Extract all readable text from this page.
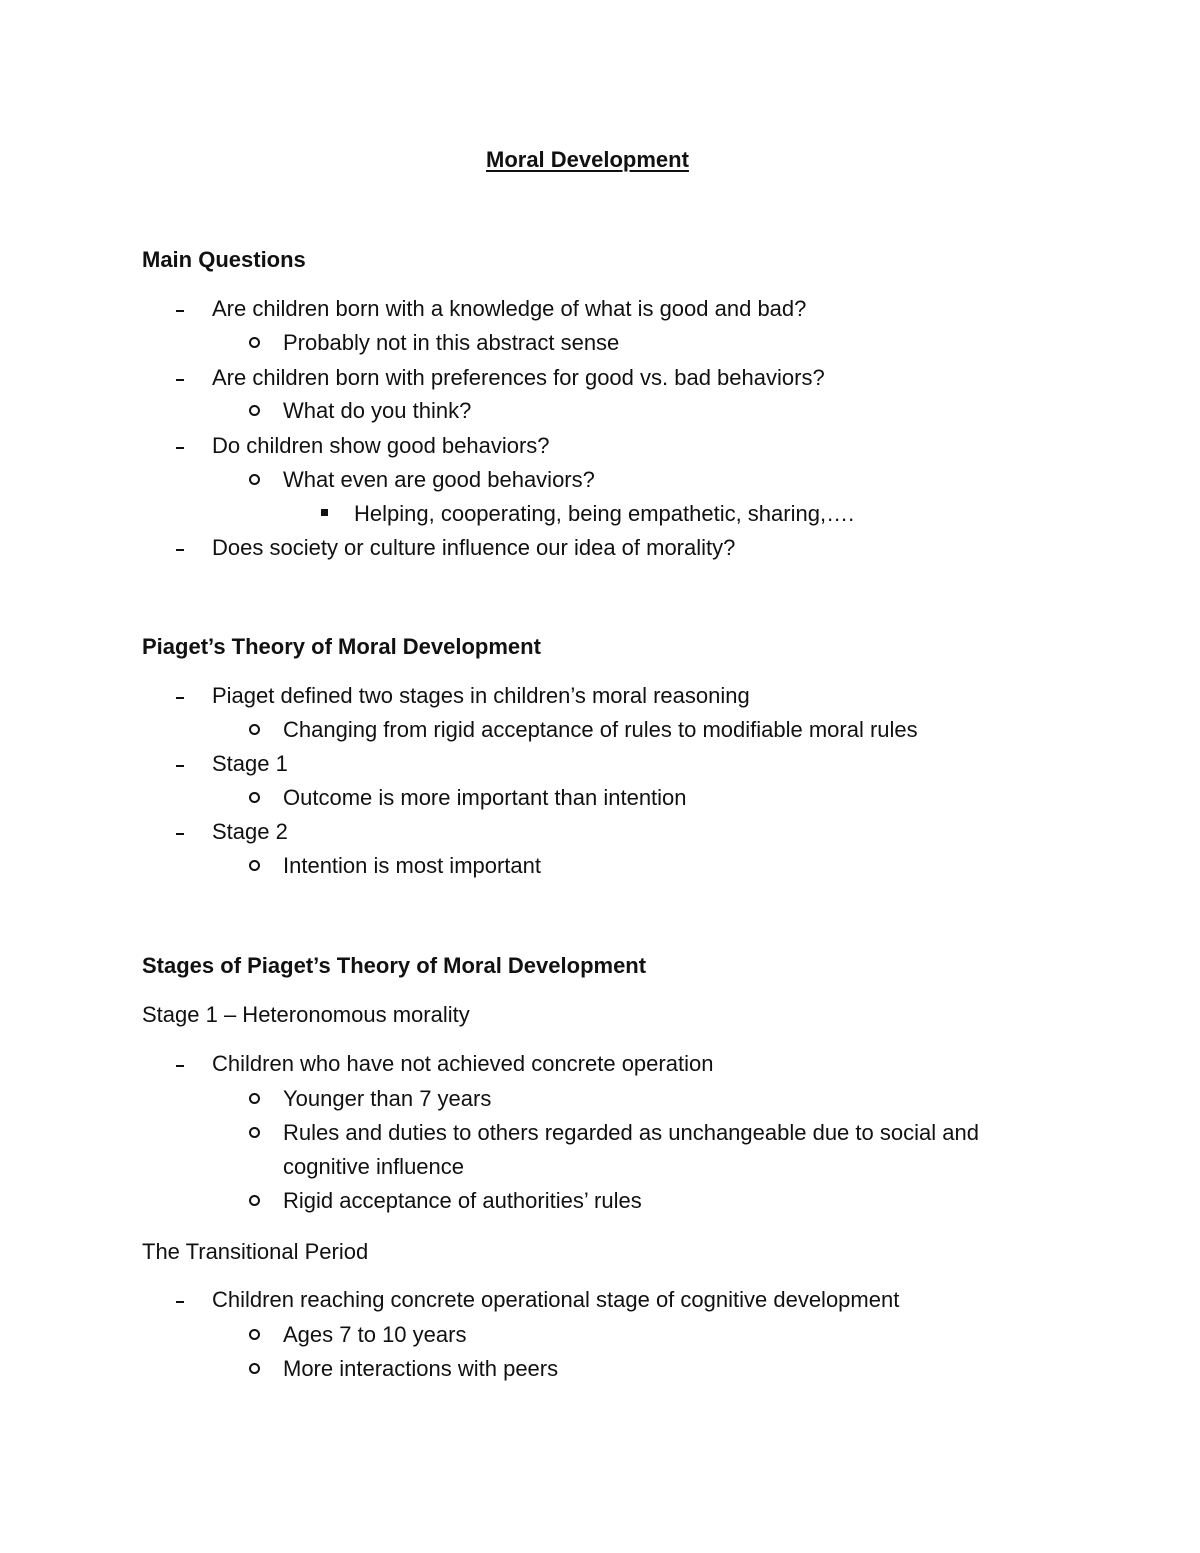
Moral Development
Main Questions
Are children born with a knowledge of what is good and bad?
Probably not in this abstract sense
Are children born with preferences for good vs. bad behaviors?
What do you think?
Do children show good behaviors?
What even are good behaviors?
Helping, cooperating, being empathetic, sharing,….
Does society or culture influence our idea of morality?
Piaget’s Theory of Moral Development
Piaget defined two stages in children’s moral reasoning
Changing from rigid acceptance of rules to modifiable moral rules
Stage 1
Outcome is more important than intention
Stage 2
Intention is most important
Stages of Piaget’s Theory of Moral Development
Stage 1 – Heteronomous morality
Children who have not achieved concrete operation
Younger than 7 years
Rules and duties to others regarded as unchangeable due to social and
cognitive influence
Rigid acceptance of authorities’ rules
The Transitional Period
Children reaching concrete operational stage of cognitive development
Ages 7 to 10 years
More interactions with peers
